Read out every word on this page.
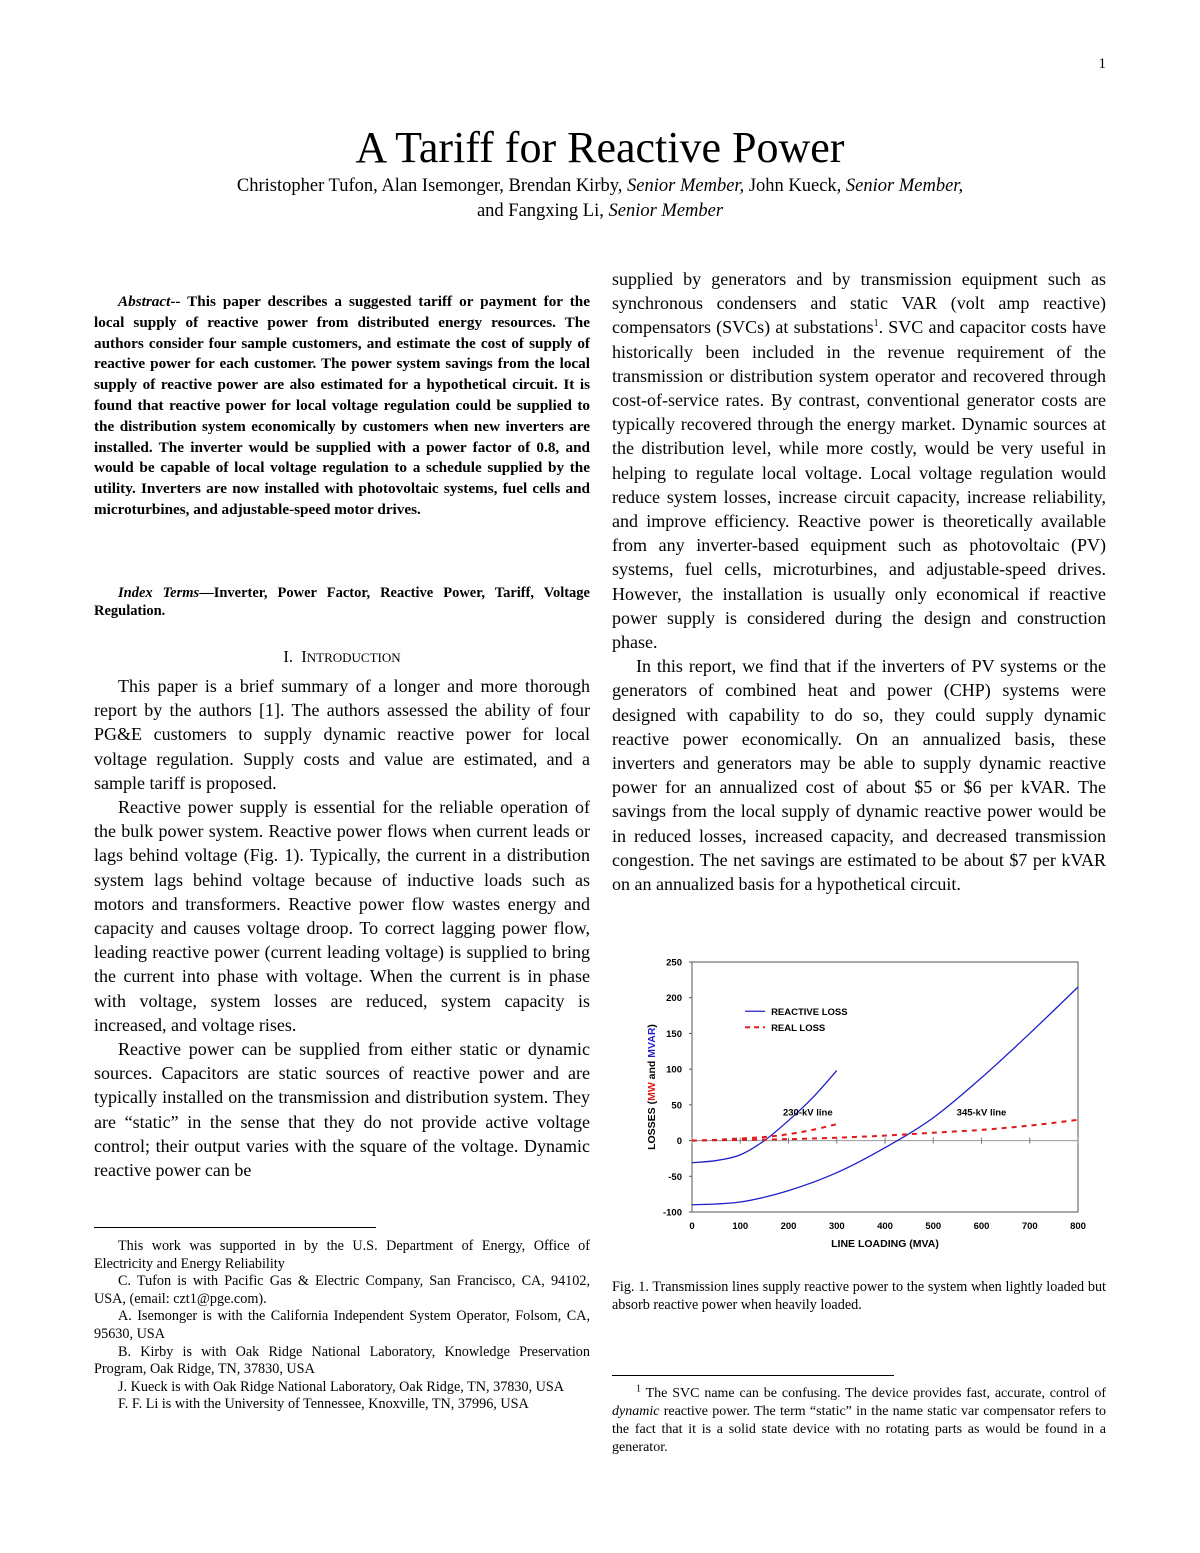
1
A Tariff for Reactive Power
Christopher Tufon, Alan Isemonger, Brendan Kirby, Senior Member, John Kueck, Senior Member,
and Fangxing Li, Senior Member

Abstract-- This paper describes a suggested tariff or payment for the local supply of reactive power from distributed energy resources. The authors consider four sample customers, and estimate the cost of supply of reactive power for each customer. The power system savings from the local supply of reactive power are also estimated for a hypothetical circuit. It is found that reactive power for local voltage regulation could be supplied to the distribution system economically by customers when new inverters are installed. The inverter would be supplied with a power factor of 0.8, and would be capable of local voltage regulation to a schedule supplied by the utility. Inverters are now installed with photovoltaic systems, fuel cells and microturbines, and adjustable-speed motor drives.

Index Terms—Inverter, Power Factor, Reactive Power, Tariff, Voltage Regulation.

I. INTRODUCTION

This paper is a brief summary of a longer and more thorough report by the authors [1]. The authors assessed the ability of four PG&E customers to supply dynamic reactive power for local voltage regulation. Supply costs and value are estimated, and a sample tariff is proposed.

Reactive power supply is essential for the reliable operation of the bulk power system. Reactive power flows when current leads or lags behind voltage (Fig. 1). Typically, the current in a distribution system lags behind voltage because of inductive loads such as motors and transformers. Reactive power flow wastes energy and capacity and causes voltage droop. To correct lagging power flow, leading reactive power (current leading voltage) is supplied to bring the current into phase with voltage. When the current is in phase with voltage, system losses are reduced, system capacity is increased, and voltage rises.

Reactive power can be supplied from either static or dynamic sources. Capacitors are static sources of reactive power and are typically installed on the transmission and distribution system. They are “static” in the sense that they do not provide active voltage control; their output varies with the square of the voltage. Dynamic reactive power can be

This work was supported in by the U.S. Department of Energy, Office of Electricity and Energy Reliability

C. Tufon is with Pacific Gas & Electric Company, San Francisco, CA, 94102, USA, (email: czt1@pge.com).

A. Isemonger is with the California Independent System Operator, Folsom, CA, 95630, USA

B. Kirby is with Oak Ridge National Laboratory, Knowledge Preservation Program, Oak Ridge, TN, 37830, USA

J. Kueck is with Oak Ridge National Laboratory, Oak Ridge, TN, 37830, USA

F. F. Li is with the University of Tennessee, Knoxville, TN, 37996, USA

supplied by generators and by transmission equipment such as synchronous condensers and static VAR (volt amp reactive) compensators (SVCs) at substations$^1$. SVC and capacitor costs have historically been included in the revenue requirement of the transmission or distribution system operator and recovered through cost-of-service rates. By contrast, conventional generator costs are typically recovered through the energy market. Dynamic sources at the distribution level, while more costly, would be very useful in helping to regulate local voltage. Local voltage regulation would reduce system losses, increase circuit capacity, increase reliability, and improve efficiency. Reactive power is theoretically available from any inverter-based equipment such as photovoltaic (PV) systems, fuel cells, microturbines, and adjustable-speed drives. However, the installation is usually only economical if reactive power supply is considered during the design and construction phase.

In this report, we find that if the inverters of PV systems or the generators of combined heat and power (CHP) systems were designed with capability to do so, they could supply dynamic reactive power economically. On an annualized basis, these inverters and generators may be able to supply dynamic reactive power for an annualized cost of about $5 or $6 per kVAR. The savings from the local supply of dynamic reactive power would be in reduced losses, increased capacity, and decreased transmission congestion. The net savings are estimated to be about $7 per kVAR on an annualized basis for a hypothetical circuit.

-100
-50
0
50
100
150
200
250
0	100	200	300	400	500	600	700	800
LINE LOADING (MVA)
LOSSES (MW and MVAR)
230-kV line	345-kV line
REACTIVE LOSS
REAL LOSS
Fig. 1. Transmission lines supply reactive power to the system when lightly loaded but absorb reactive power when heavily loaded.
$^1$ The SVC name can be confusing. The device provides fast, accurate, control of dynamic reactive power. The term “static” in the name static var compensator refers to the fact that it is a solid state device with no rotating parts as would be found in a generator.
